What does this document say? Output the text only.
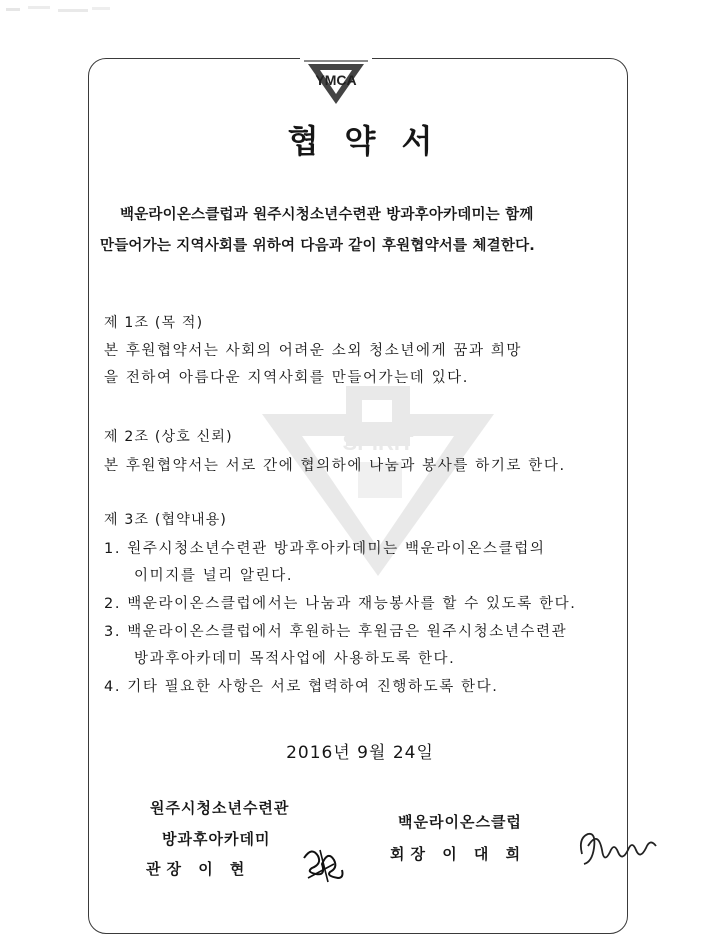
YMCA
협약서
SPIRIT
백운라이온스클럽과 원주시청소년수련관 방과후아카데미는 함께
만들어가는 지역사회를 위하여 다음과 같이 후원협약서를 체결한다.
제 1조 (목 적)
본 후원협약서는 사회의 어려운 소외 청소년에게 꿈과 희망
을 전하여 아름다운 지역사회를 만들어가는데 있다.
제 2조 (상호 신뢰)
본 후원협약서는 서로 간에 협의하에 나눔과 봉사를 하기로 한다.
제 3조 (협약내용)
1. 원주시청소년수련관 방과후아카데미는 백운라이온스클럽의
이미지를 널리 알린다.
2. 백운라이온스클럽에서는 나눔과 재능봉사를 할 수 있도록 한다.
3. 백운라이온스클럽에서 후원하는 후원금은 원주시청소년수련관
방과후아카데미 목적사업에 사용하도록 한다.
4. 기타 필요한 사항은 서로 협력하여 진행하도록 한다.
2016년 9월 24일
원주시청소년수련관
방과후아카데미
관장 이 현
백운라이온스클럽
회장 이 대 희
